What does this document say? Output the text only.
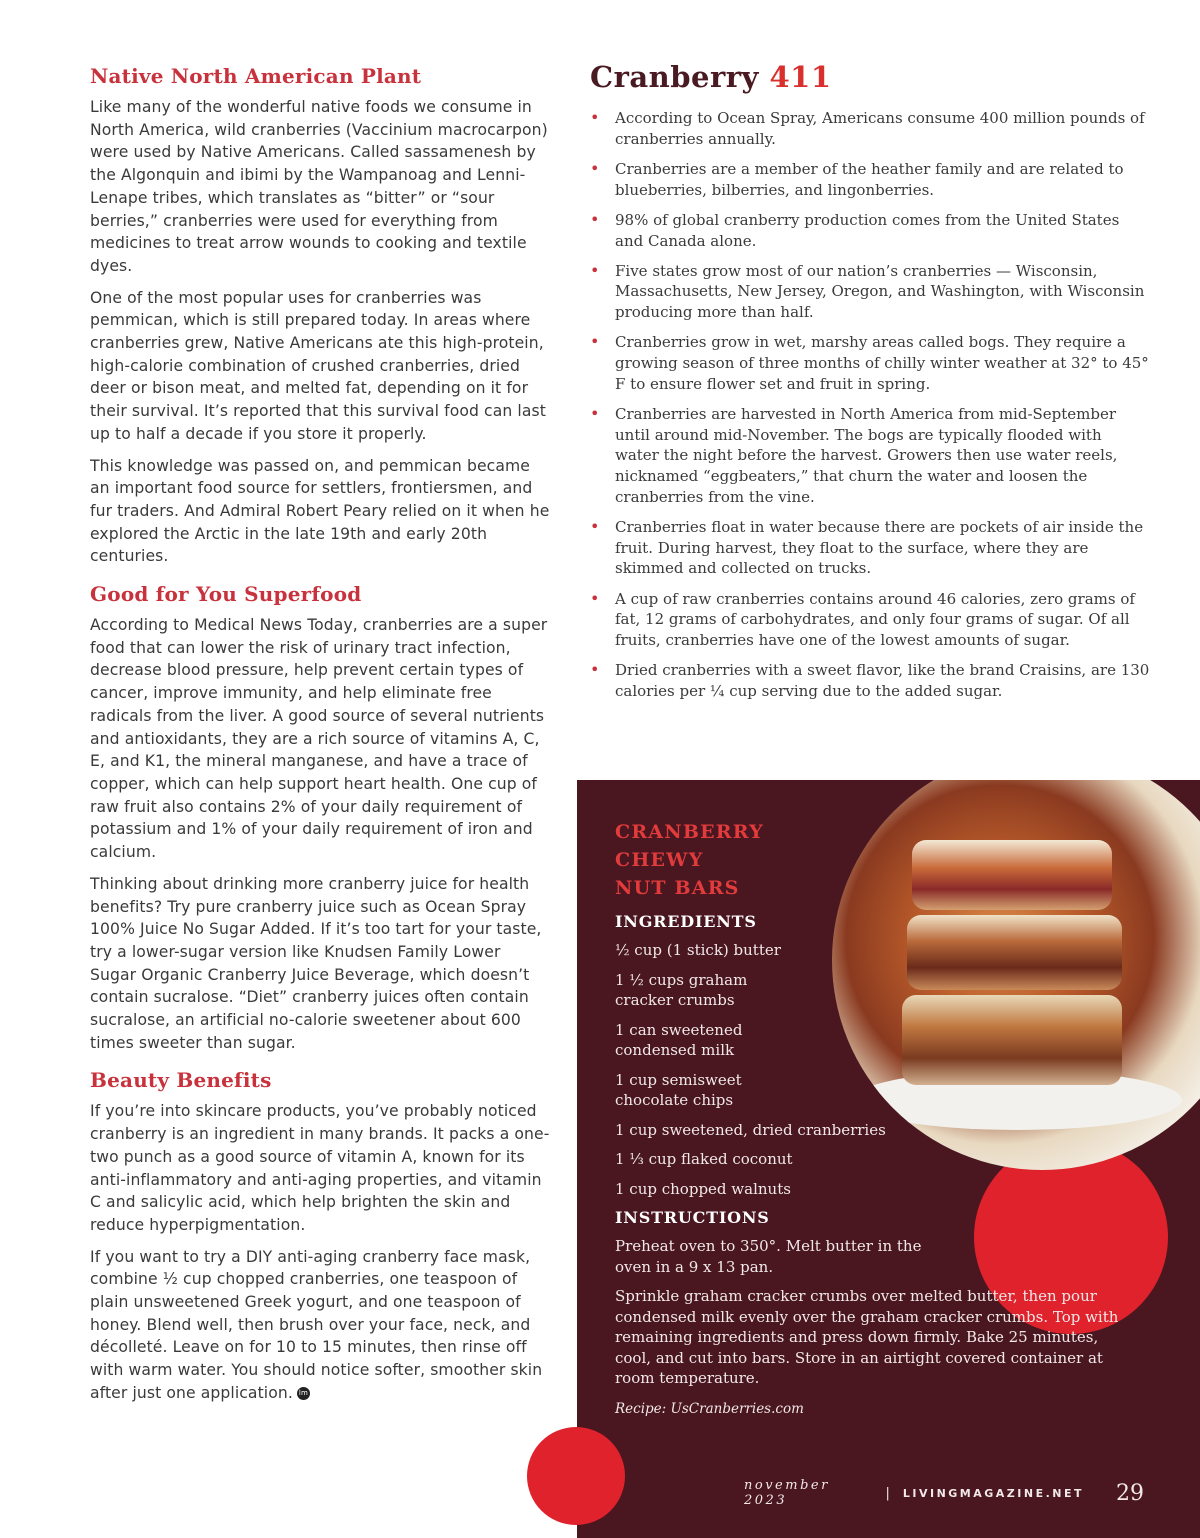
Native North American Plant

Like many of the wonderful native foods we consume in North America, wild cranberries (Vaccinium macrocarpon) were used by Native Americans. Called sassamenesh by the Algonquin and ibimi by the Wampanoag and Lenni-Lenape tribes, which translates as “bitter” or “sour berries,” cranberries were used for everything from medicines to treat arrow wounds to cooking and textile dyes.

One of the most popular uses for cranberries was pemmican, which is still prepared today. In areas where cranberries grew, Native Americans ate this high-protein, high-calorie combination of crushed cranberries, dried deer or bison meat, and melted fat, depending on it for their survival. It’s reported that this survival food can last up to half a decade if you store it properly.

This knowledge was passed on, and pemmican became an important food source for settlers, frontiersmen, and fur traders. And Admiral Robert Peary relied on it when he explored the Arctic in the late 19th and early 20th centuries.

Good for You Superfood

According to Medical News Today, cranberries are a super food that can lower the risk of urinary tract infection, decrease blood pressure, help prevent certain types of cancer, improve immunity, and help eliminate free radicals from the liver. A good source of several nutrients and antioxidants, they are a rich source of vitamins A, C, E, and K1, the mineral manganese, and have a trace of copper, which can help support heart health. One cup of raw fruit also contains 2% of your daily requirement of potassium and 1% of your daily requirement of iron and calcium.

Thinking about drinking more cranberry juice for health benefits? Try pure cranberry juice such as Ocean Spray 100% Juice No Sugar Added. If it’s too tart for your taste, try a lower-sugar version like Knudsen Family Lower Sugar Organic Cranberry Juice Beverage, which doesn’t contain sucralose. “Diet” cranberry juices often contain sucralose, an artificial no-calorie sweetener about 600 times sweeter than sugar.

Beauty Benefits

If you’re into skincare products, you’ve probably noticed cranberry is an ingredient in many brands. It packs a one-two punch as a good source of vitamin A, known for its anti-inflammatory and anti-aging properties, and vitamin C and salicylic acid, which help brighten the skin and reduce hyperpigmentation.

If you want to try a DIY anti-aging cranberry face mask, combine ½ cup chopped cranberries, one teaspoon of plain unsweetened Greek yogurt, and one teaspoon of honey. Blend well, then brush over your face, neck, and décolleté. Leave on for 10 to 15 minutes, then rinse off with warm water. You should notice softer, smoother skin after just one application. lm

Cranberry 411
• According to Ocean Spray, Americans consume 400 million pounds of cranberries annually.
• Cranberries are a member of the heather family and are related to blueberries, bilberries, and lingonberries.
• 98% of global cranberry production comes from the United States and Canada alone.
• Five states grow most of our nation’s cranberries — Wisconsin, Massachusetts, New Jersey, Oregon, and Washington, with Wisconsin producing more than half.
• Cranberries grow in wet, marshy areas called bogs. They require a growing season of three months of chilly winter weather at 32° to 45° F to ensure flower set and fruit in spring.
• Cranberries are harvested in North America from mid-September until around mid-November. The bogs are typically flooded with water the night before the harvest. Growers then use water reels, nicknamed “eggbeaters,” that churn the water and loosen the cranberries from the vine.
• Cranberries float in water because there are pockets of air inside the fruit. During harvest, they float to the surface, where they are skimmed and collected on trucks.
• A cup of raw cranberries contains around 46 calories, zero grams of fat, 12 grams of carbohydrates, and only four grams of sugar. Of all fruits, cranberries have one of the lowest amounts of sugar.
• Dried cranberries with a sweet flavor, like the brand Craisins, are 130 calories per ¼ cup serving due to the added sugar.
CRANBERRY
CHEWY
NUT BARS
INGREDIENTS
½ cup (1 stick) butter
1 ½ cups graham cracker crumbs
1 can sweetened condensed milk
1 cup semisweet chocolate chips
1 cup sweetened, dried cranberries
1 ⅓ cup flaked coconut
1 cup chopped walnuts
INSTRUCTIONS

Preheat oven to 350°. Melt butter in the oven in a 9 x 13 pan.

Sprinkle graham cracker crumbs over melted butter, then pour condensed milk evenly over the graham cracker crumbs. Top with remaining ingredients and press down firmly. Bake 25 minutes, cool, and cut into bars. Store in an airtight covered container at room temperature.

Recipe: UsCranberries.com

november 2023	| LIVINGMAGAZINE.NET 29
